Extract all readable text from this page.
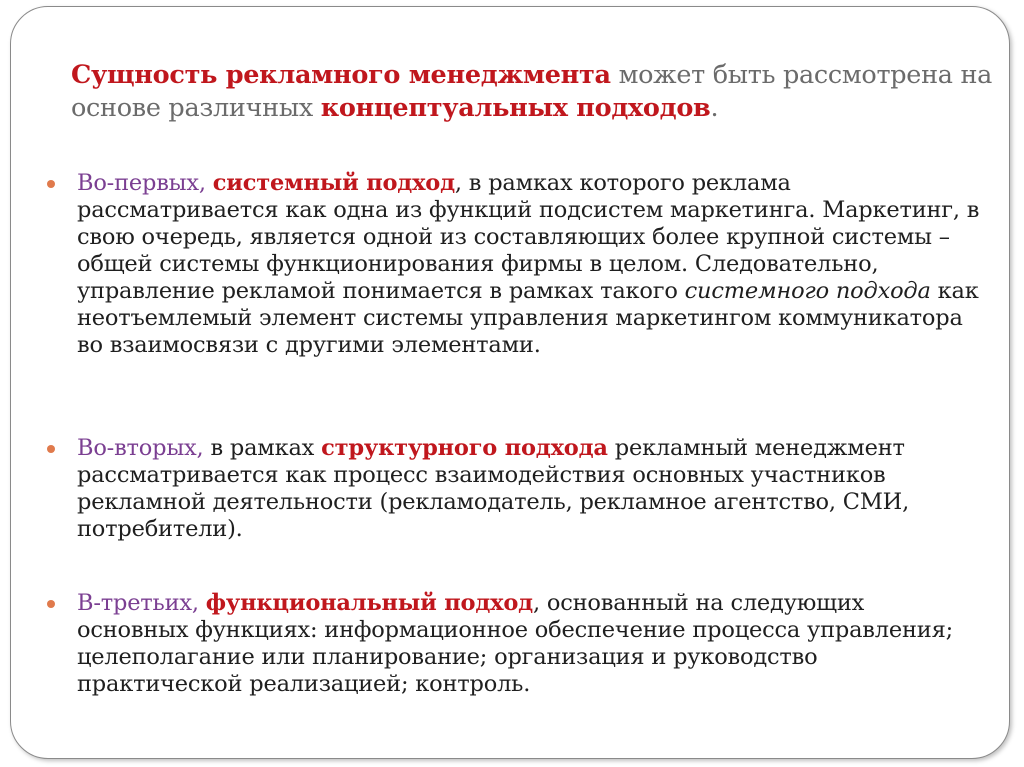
Сущность рекламного менеджмента может быть рассмотрена на основе различных концептуальных подходов.
Во-первых, системный подход, в рамках которого реклама рассматривается как одна из функций подсистем маркетинга. Маркетинг, в свою очередь, является одной из составляющих более крупной системы – общей системы функционирования фирмы в целом. Следовательно, управление рекламой понимается в рамках такого системного подхода как неотъемлемый элемент системы управления маркетингом коммуникатора во взаимосвязи с другими элементами.
Во-вторых, в рамках структурного подхода рекламный менеджмент рассматривается как процесс взаимодействия основных участников рекламной деятельности (рекламодатель, рекламное агентство, СМИ, потребители).
В-третьих, функциональный подход, основанный на следующих основных функциях: информационное обеспечение процесса управления; целеполагание или планирование; организация и руководство практической реализацией; контроль.
